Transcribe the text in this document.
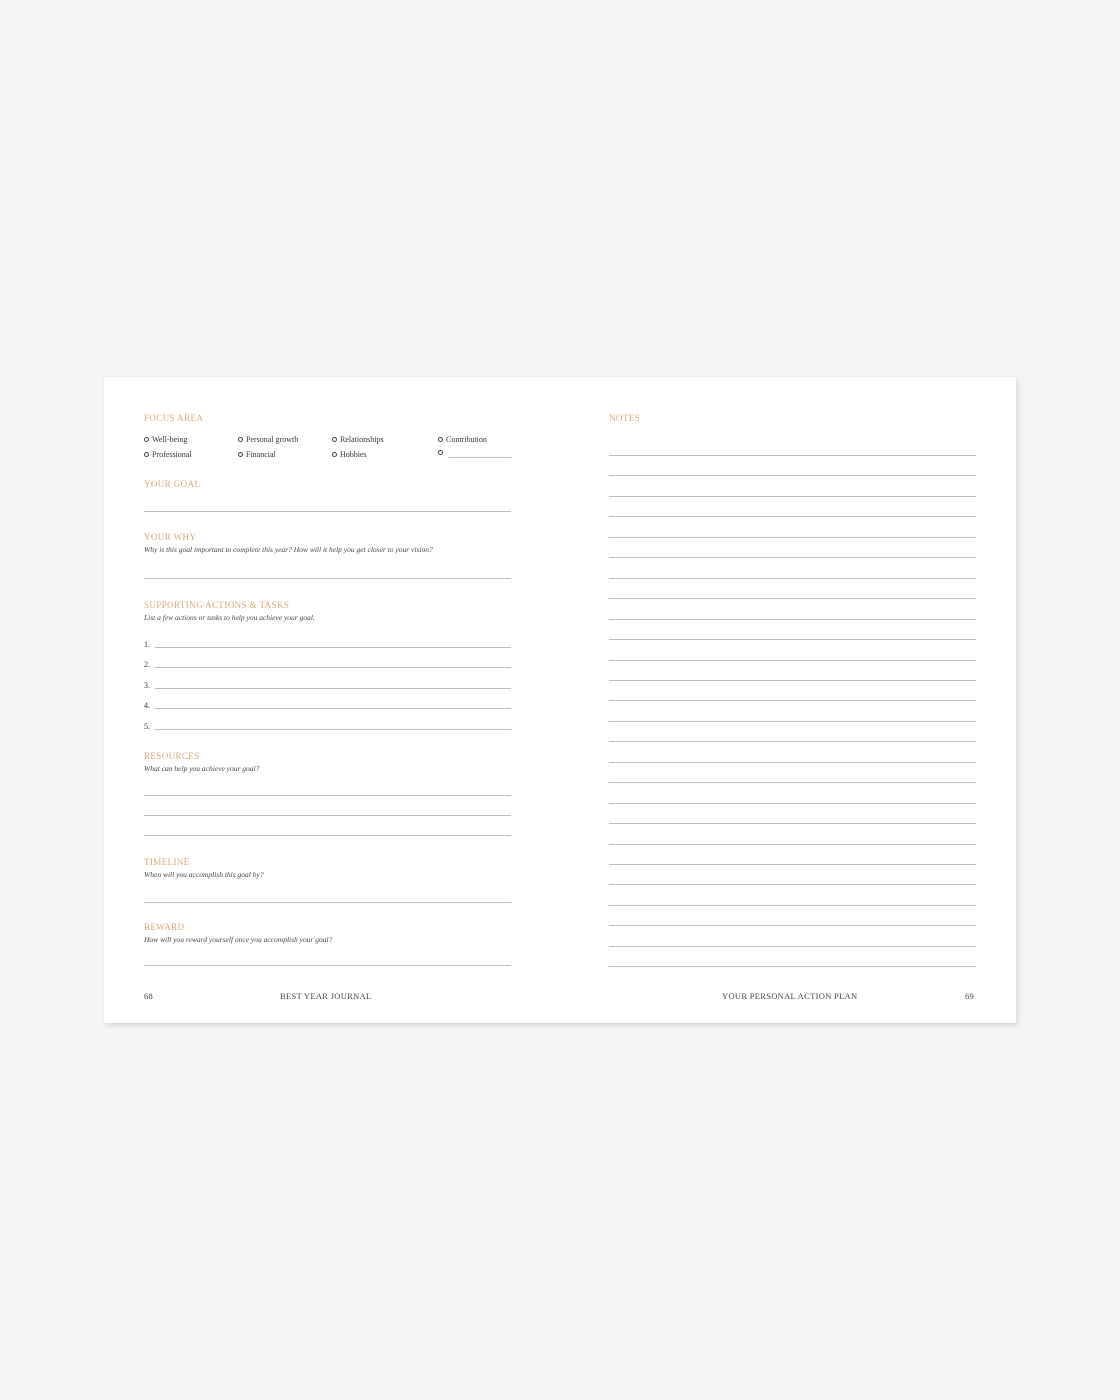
FOCUS AREA
Well-being	Personal growth	Relationships	Contribution
Professional	Financial	Hobbies
YOUR GOAL
YOUR WHY
Why is this goal important to complete this year? How will it help you get closer to your vision?
SUPPORTING ACTIONS & TASKS
List a few actions or tasks to help you achieve your goal.
1.
2.
3.
4.
5.
RESOURCES
What can help you achieve your goal?
TIMELINE
When will you accomplish this goal by?
REWARD
How will you reward yourself once you accomplish your goal?
68	BEST YEAR JOURNAL
NOTES
YOUR PERSONAL ACTION PLAN	69
